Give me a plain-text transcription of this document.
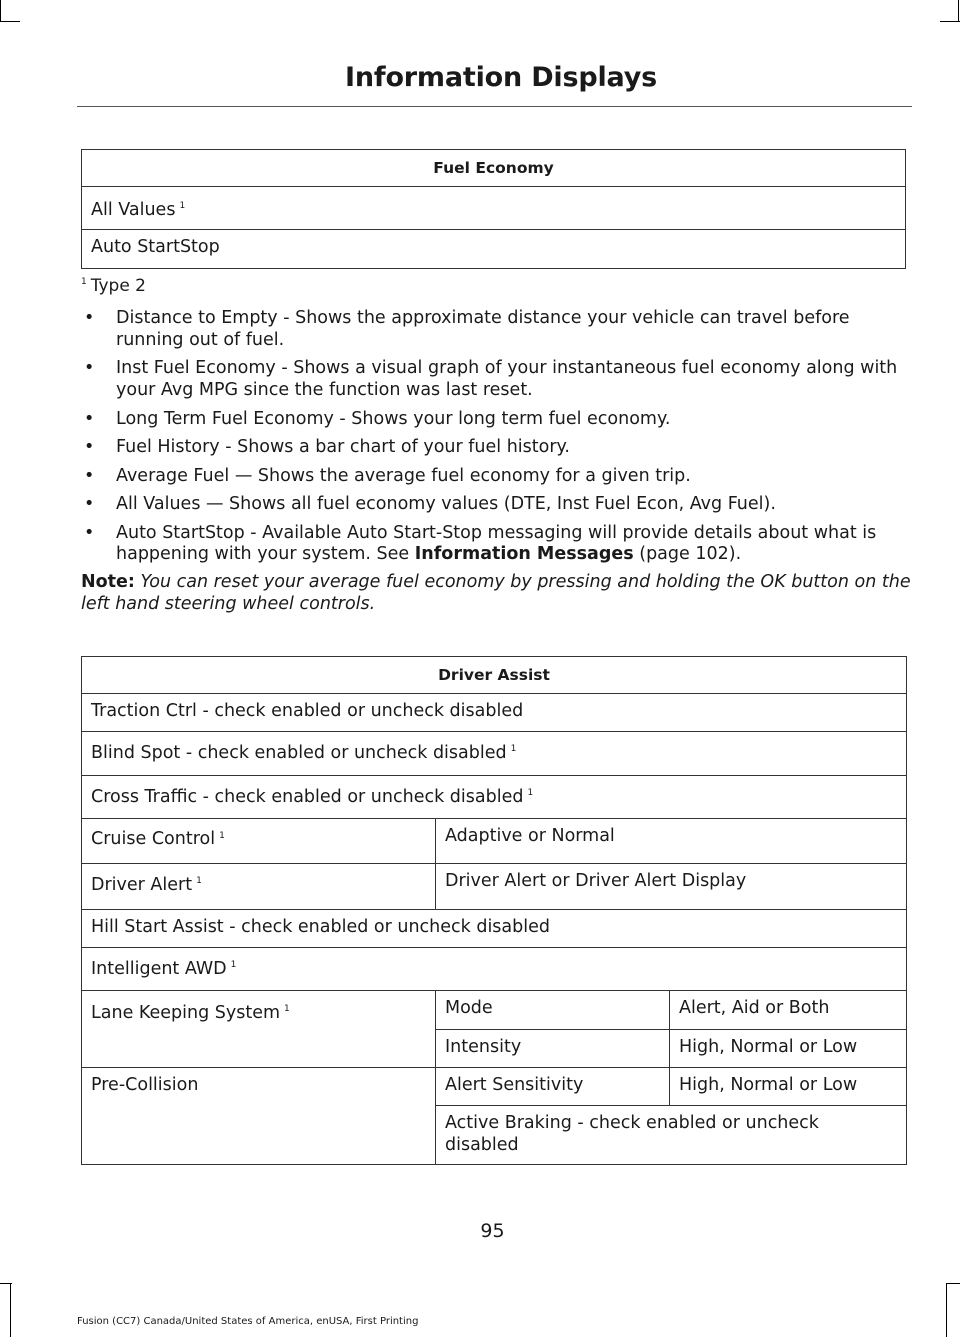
Information Displays
Fuel Economy
All Values $^1$
Auto StartStop
$^1$ Type 2
• Distance to Empty - Shows the approximate distance your vehicle can travel before running out of fuel.
• Inst Fuel Economy - Shows a visual graph of your instantaneous fuel economy along with your Avg MPG since the function was last reset.
• Long Term Fuel Economy - Shows your long term fuel economy.
• Fuel History - Shows a bar chart of your fuel history.
• Average Fuel — Shows the average fuel economy for a given trip.
• All Values — Shows all fuel economy values (DTE, Inst Fuel Econ, Avg Fuel).
• Auto StartStop - Available Auto Start-Stop messaging will provide details about what is happening with your system. See Information Messages (page 102).
Note: You can reset your average fuel economy by pressing and holding the OK button on the left hand steering wheel controls.
Driver Assist		
Traction Ctrl - check enabled or uncheck disabled		
Blind Spot - check enabled or uncheck disabled $^1$
Cross Traffic - check enabled or uncheck disabled $^1$
Cruise Control $^1$	Adaptive or Normal	
Driver Alert $^1$	Driver Alert or Driver Alert Display	
Hill Start Assist - check enabled or uncheck disabled		
Intelligent AWD $^1$
Lane Keeping System $^1$	Mode	Alert, Aid or Both
	Intensity	High, Normal or Low
Pre-Collision	Alert Sensitivity	High, Normal or Low
	Active Braking - check enabled or uncheck disabled	
95
Fusion (CC7) Canada/United States of America, enUSA, First Printing
